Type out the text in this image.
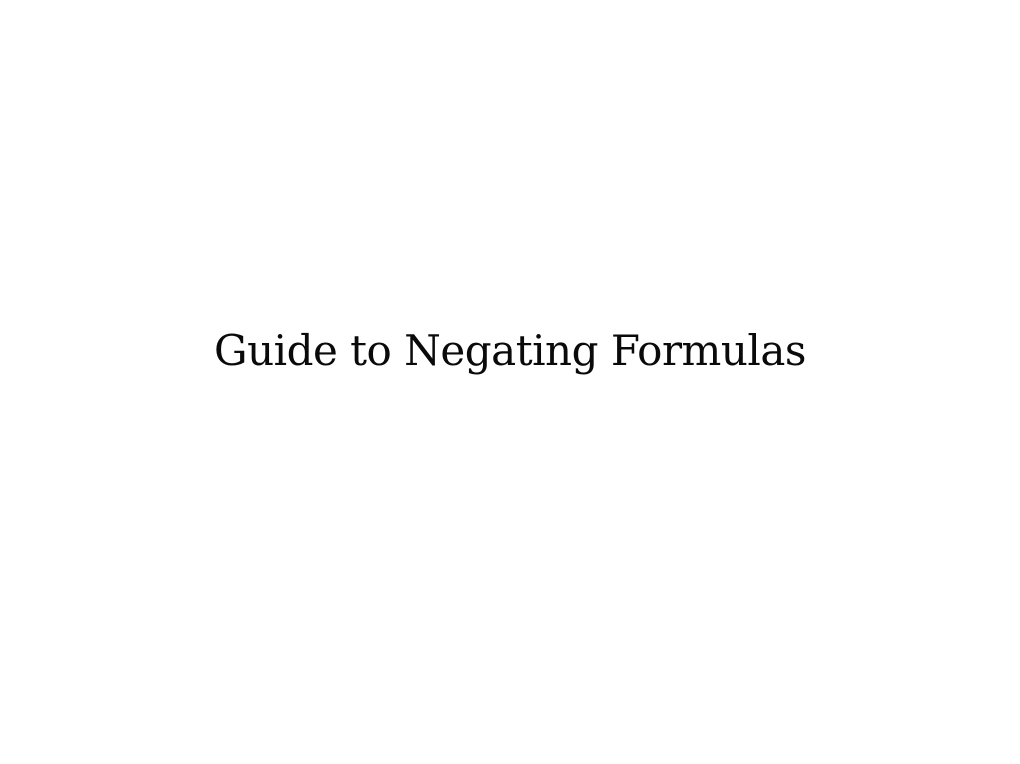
Guide to Negating Formulas
